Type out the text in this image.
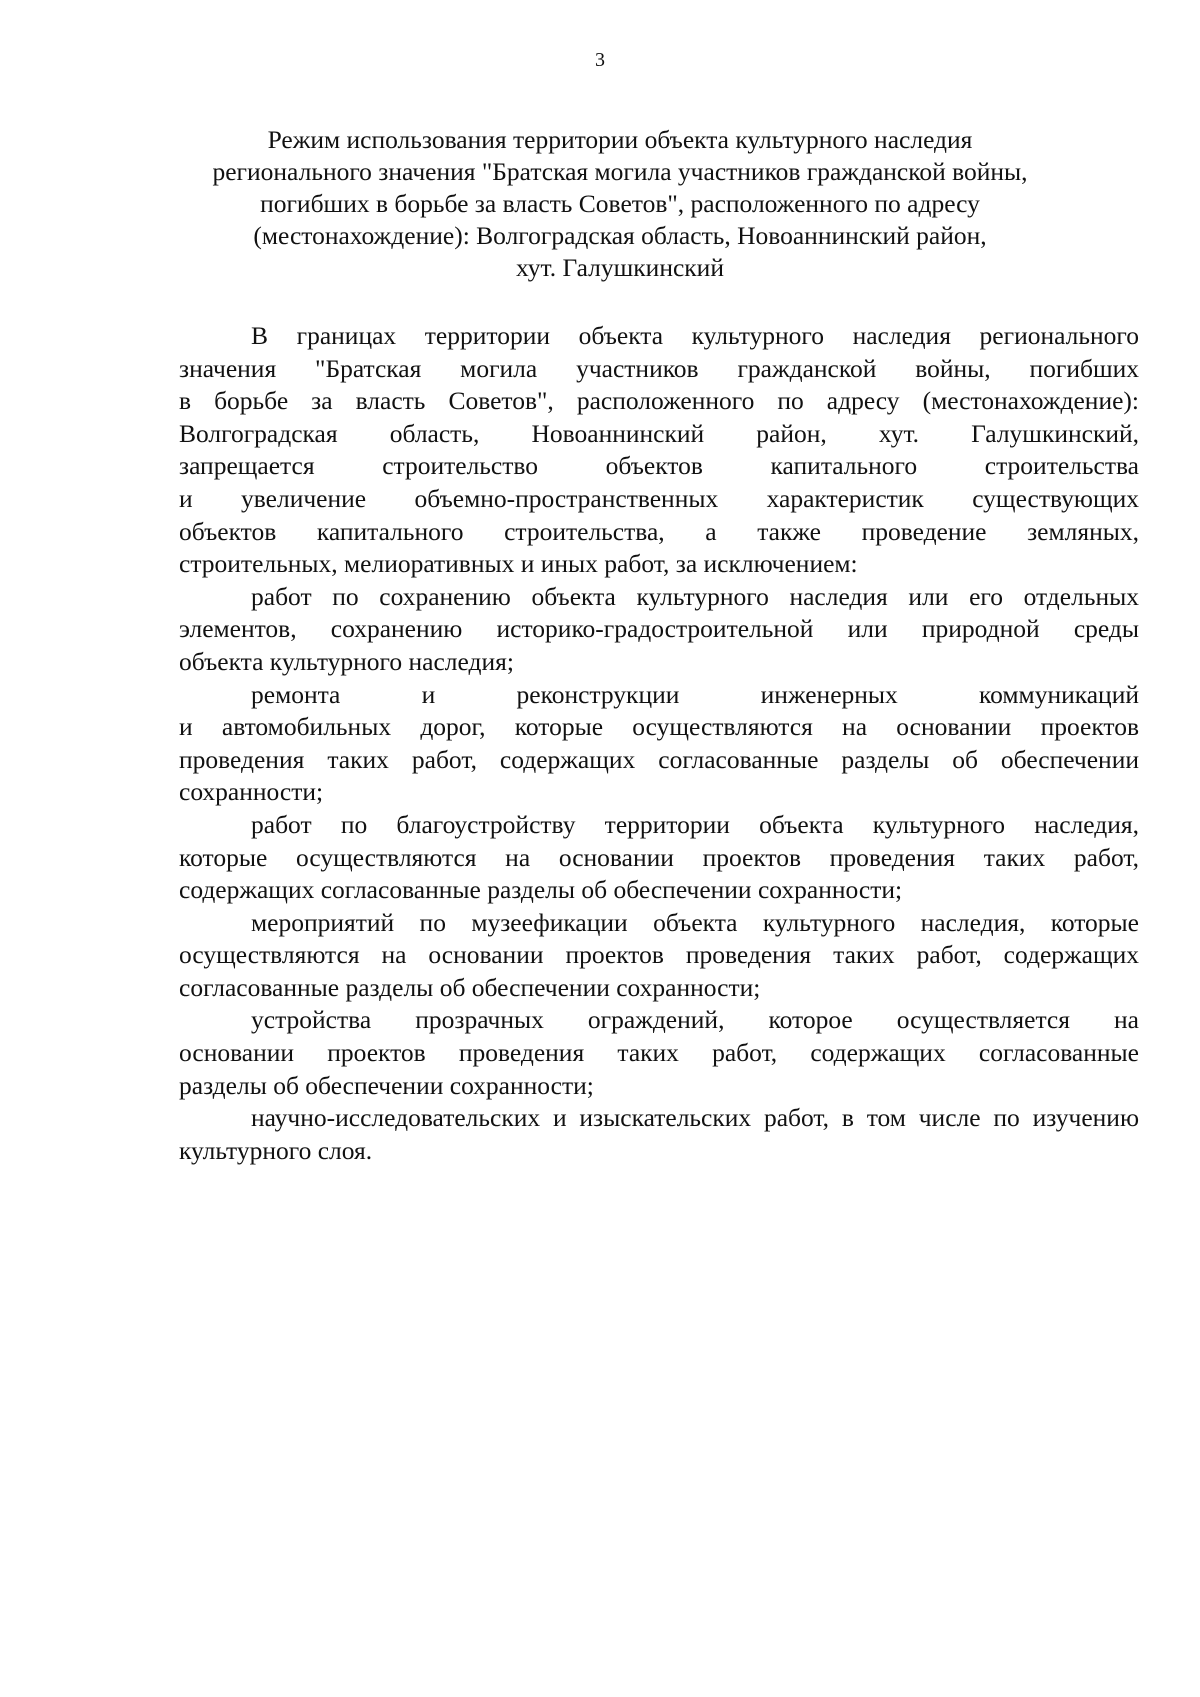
3
Режим использования территории объекта культурного наследия
регионального значения "Братская могила участников гражданской войны,
погибших в борьбе за власть Советов", расположенного по адресу
(местонахождение): Волгоградская область, Новоаннинский район,
хут. Галушкинский
В границах территории объекта культурного наследия регионального
значения "Братская могила участников гражданской войны, погибших
в борьбе за власть Советов", расположенного по адресу (местонахождение):
Волгоградская область, Новоаннинский район, хут. Галушкинский,
запрещается строительство объектов капитального строительства
и увеличение объемно-пространственных характеристик существующих
объектов капитального строительства, а также проведение земляных,
строительных, мелиоративных и иных работ, за исключением:
работ по сохранению объекта культурного наследия или его отдельных
элементов, сохранению историко-градостроительной или природной среды
объекта культурного наследия;
ремонта и реконструкции инженерных коммуникаций
и автомобильных дорог, которые осуществляются на основании проектов
проведения таких работ, содержащих согласованные разделы об обеспечении
сохранности;
работ по благоустройству территории объекта культурного наследия,
которые осуществляются на основании проектов проведения таких работ,
содержащих согласованные разделы об обеспечении сохранности;
мероприятий по музеефикации объекта культурного наследия, которые
осуществляются на основании проектов проведения таких работ, содержащих
согласованные разделы об обеспечении сохранности;
устройства прозрачных ограждений, которое осуществляется на
основании проектов проведения таких работ, содержащих согласованные
разделы об обеспечении сохранности;
научно-исследовательских и изыскательских работ, в том числе по изучению
культурного слоя.
